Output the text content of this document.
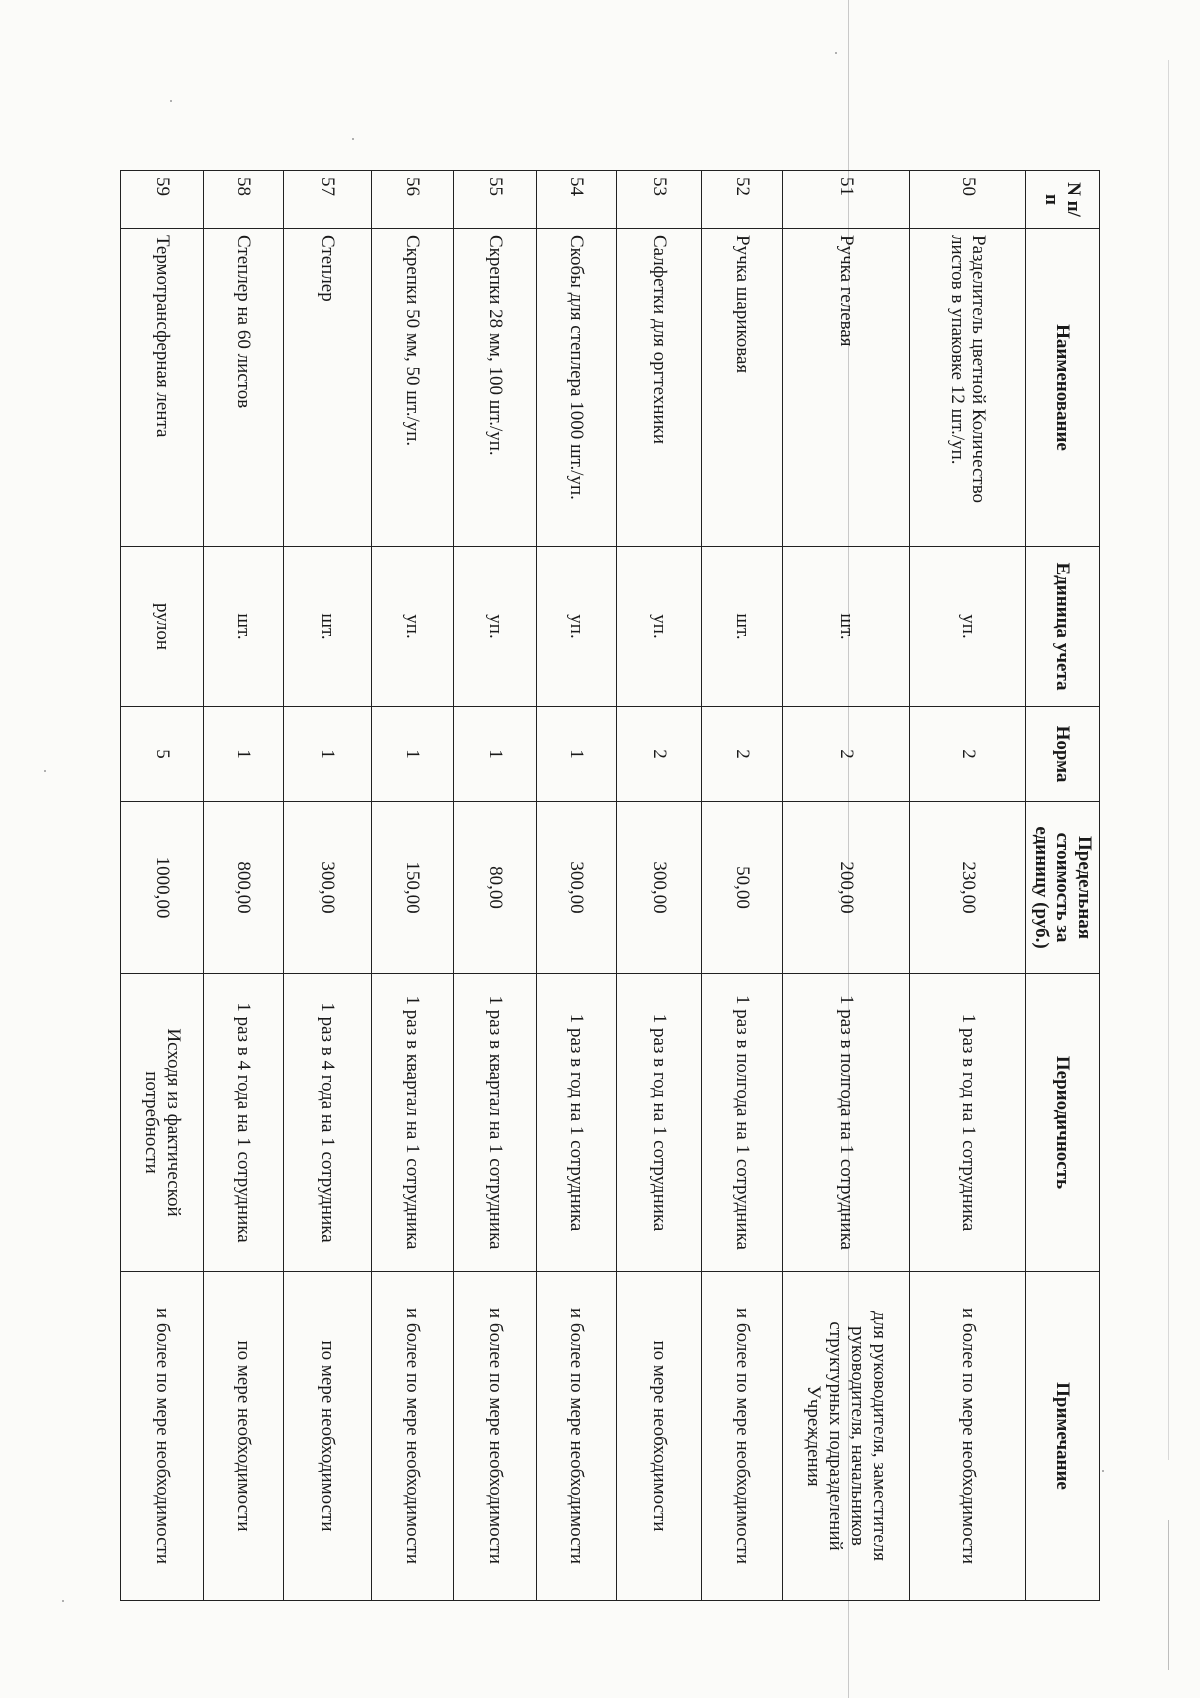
N п/п	Наименование	Единица учета	Норма	Предельная стоимость за единицу (руб.)	Периодичность	Примечание
50	Разделитель цветной Количество листов в упаковке 12 шт./уп.	уп.	2	230,00	1 раз в год на 1 сотрудника	и более по мере необходимости
51	Ручка гелевая	шт.	2	200,00	1 раз в полгода на 1 сотрудника	для руководителя, заместителя руководителя, начальников структурных подразделений Учреждения
52	Ручка шариковая	шт.	2	50,00	1 раз в полгода на 1 сотрудника	и более по мере необходимости
53	Салфетки для оргтехники	уп.	2	300,00	1 раз в год на 1 сотрудника	по мере необходимости
54	Скобы для степлера 1000 шт./уп.	уп.	1	300,00	1 раз в год на 1 сотрудника	и более по мере необходимости
55	Скрепки 28 мм, 100 шт./уп.	уп.	1	80,00	1 раз в квартал на 1 сотрудника	и более по мере необходимости
56	Скрепки 50 мм, 50 шт./уп.	уп.	1	150,00	1 раз в квартал на 1 сотрудника	и более по мере необходимости
57	Степлер	шт.	1	300,00	1 раз в 4 года на 1 сотрудника	по мере необходимости
58	Степлер на 60 листов	шт.	1	800,00	1 раз в 4 года на 1 сотрудника	по мере необходимости
59	Термотрансферная лента	рулон	5	1000,00	Исходя из фактической потребности	и более по мере необходимости
